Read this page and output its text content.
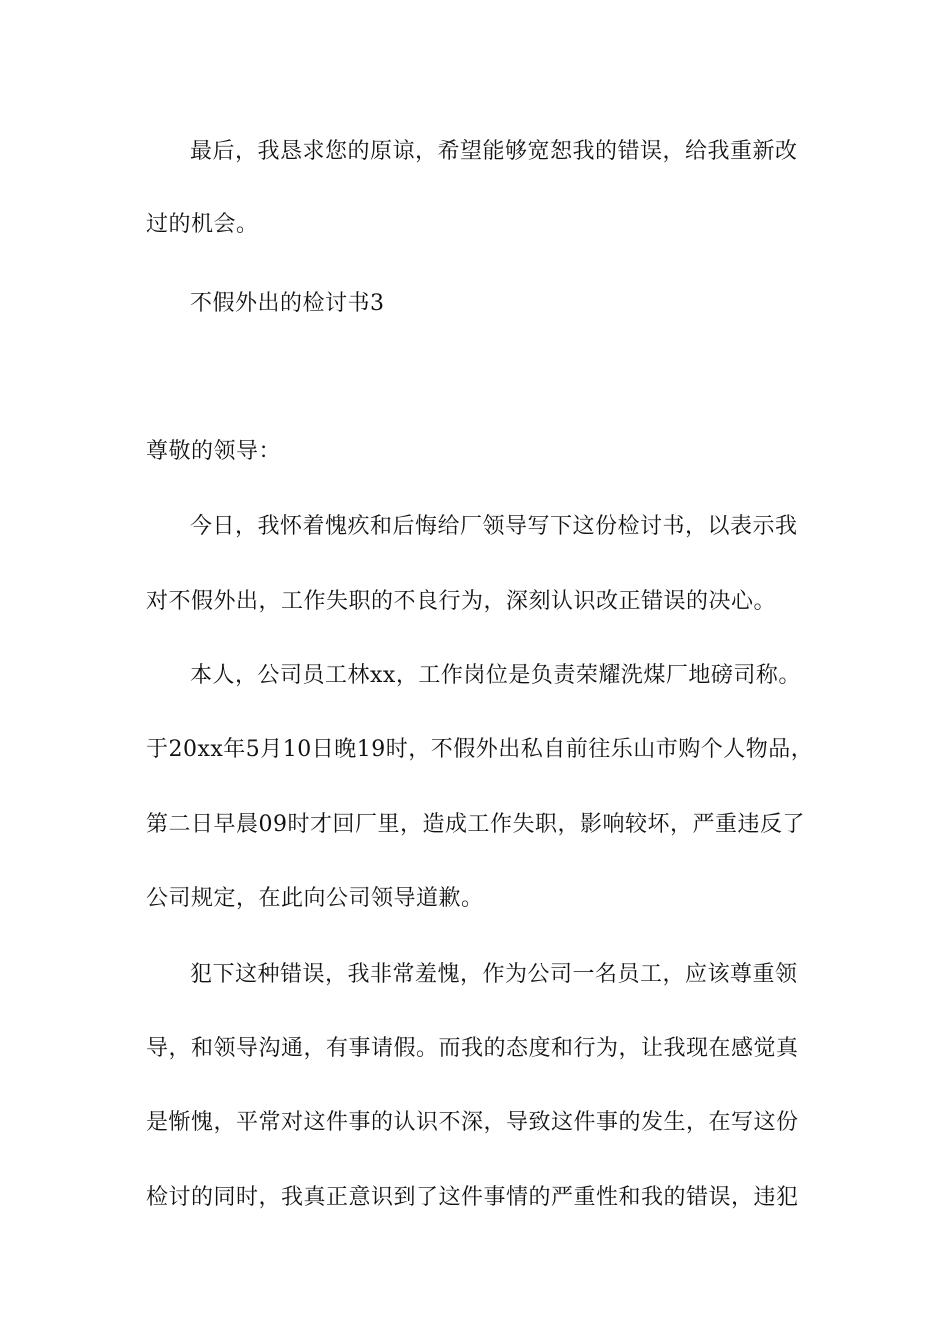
最后，我恳求您的原谅，希望能够宽恕我的错误，给我重新改
过的机会。
不假外出的检讨书3
尊敬的领导：
今日，我怀着愧疚和后悔给厂领导写下这份检讨书，以表示我
对不假外出，工作失职的不良行为，深刻认识改正错误的决心。
本人，公司员工林xx，工作岗位是负责荣耀洗煤厂地磅司称。
于20xx年5月10日晚19时，不假外出私自前往乐山市购个人物品，
第二日早晨09时才回厂里，造成工作失职，影响较坏，严重违反了
公司规定，在此向公司领导道歉。
犯下这种错误，我非常羞愧，作为公司一名员工，应该尊重领
导，和领导沟通，有事请假。而我的态度和行为，让我现在感觉真
是惭愧，平常对这件事的认识不深，导致这件事的发生，在写这份
检讨的同时，我真正意识到了这件事情的严重性和我的错误，违犯
